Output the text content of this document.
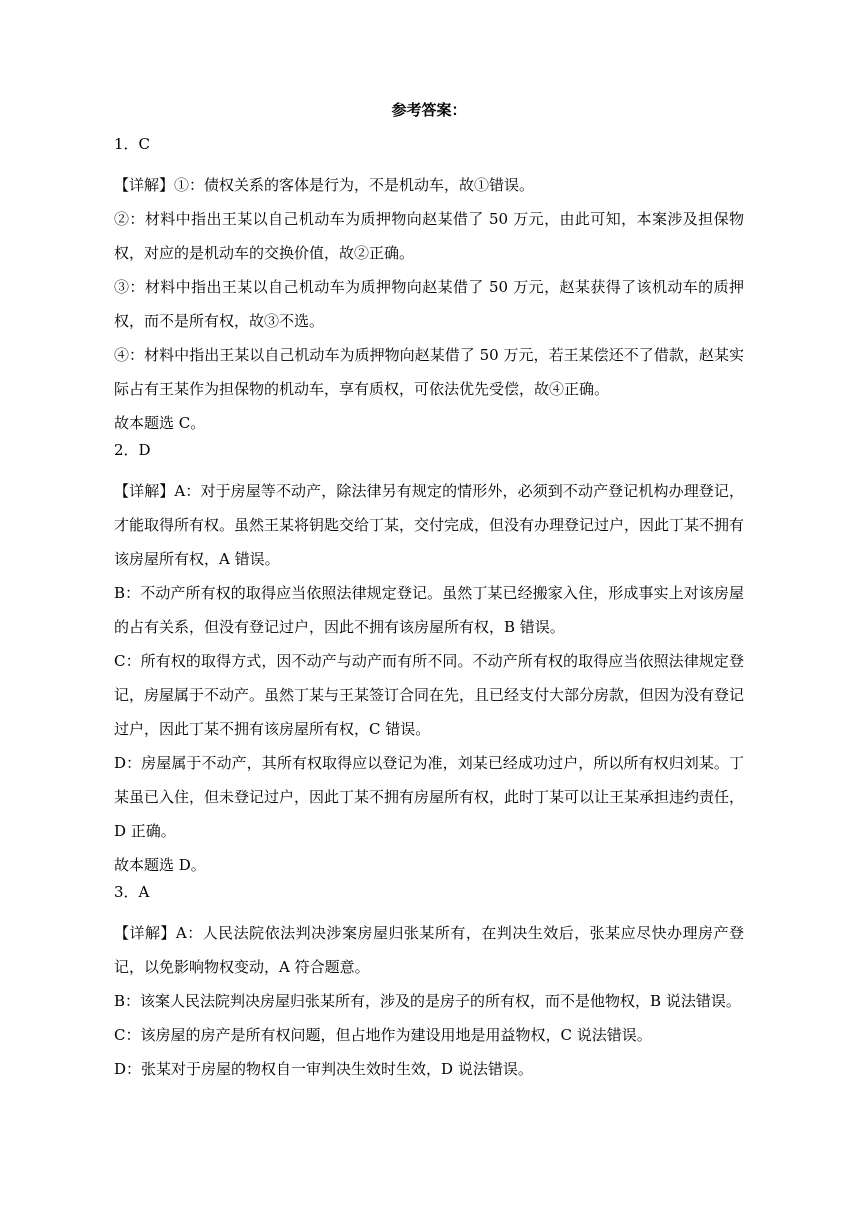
参考答案：
1．C

【详解】①：债权关系的客体是行为，不是机动车，故①错误。

②：材料中指出王某以自己机动车为质押物向赵某借了 50 万元，由此可知，本案涉及担保物权，对应的是机动车的交换价值，故②正确。

③：材料中指出王某以自己机动车为质押物向赵某借了 50 万元，赵某获得了该机动车的质押权，而不是所有权，故③不选。

④：材料中指出王某以自己机动车为质押物向赵某借了 50 万元，若王某偿还不了借款，赵某实际占有王某作为担保物的机动车，享有质权，可依法优先受偿，故④正确。

故本题选 C。

2．D

【详解】A：对于房屋等不动产，除法律另有规定的情形外，必须到不动产登记机构办理登记，才能取得所有权。虽然王某将钥匙交给丁某，交付完成，但没有办理登记过户，因此丁某不拥有该房屋所有权，A 错误。

B：不动产所有权的取得应当依照法律规定登记。虽然丁某已经搬家入住，形成事实上对该房屋的占有关系，但没有登记过户，因此不拥有该房屋所有权，B 错误。

C：所有权的取得方式，因不动产与动产而有所不同。不动产所有权的取得应当依照法律规定登记，房屋属于不动产。虽然丁某与王某签订合同在先，且已经支付大部分房款，但因为没有登记过户，因此丁某不拥有该房屋所有权，C 错误。

D：房屋属于不动产，其所有权取得应以登记为准，刘某已经成功过户，所以所有权归刘某。丁某虽已入住，但未登记过户，因此丁某不拥有房屋所有权，此时丁某可以让王某承担违约责任，D 正确。

故本题选 D。

3．A

【详解】A：人民法院依法判决涉案房屋归张某所有，在判决生效后，张某应尽快办理房产登记，以免影响物权变动，A 符合题意。

B：该案人民法院判决房屋归张某所有，涉及的是房子的所有权，而不是他物权，B 说法错误。

C：该房屋的房产是所有权问题，但占地作为建设用地是用益物权，C 说法错误。

D：张某对于房屋的物权自一审判决生效时生效，D 说法错误。
